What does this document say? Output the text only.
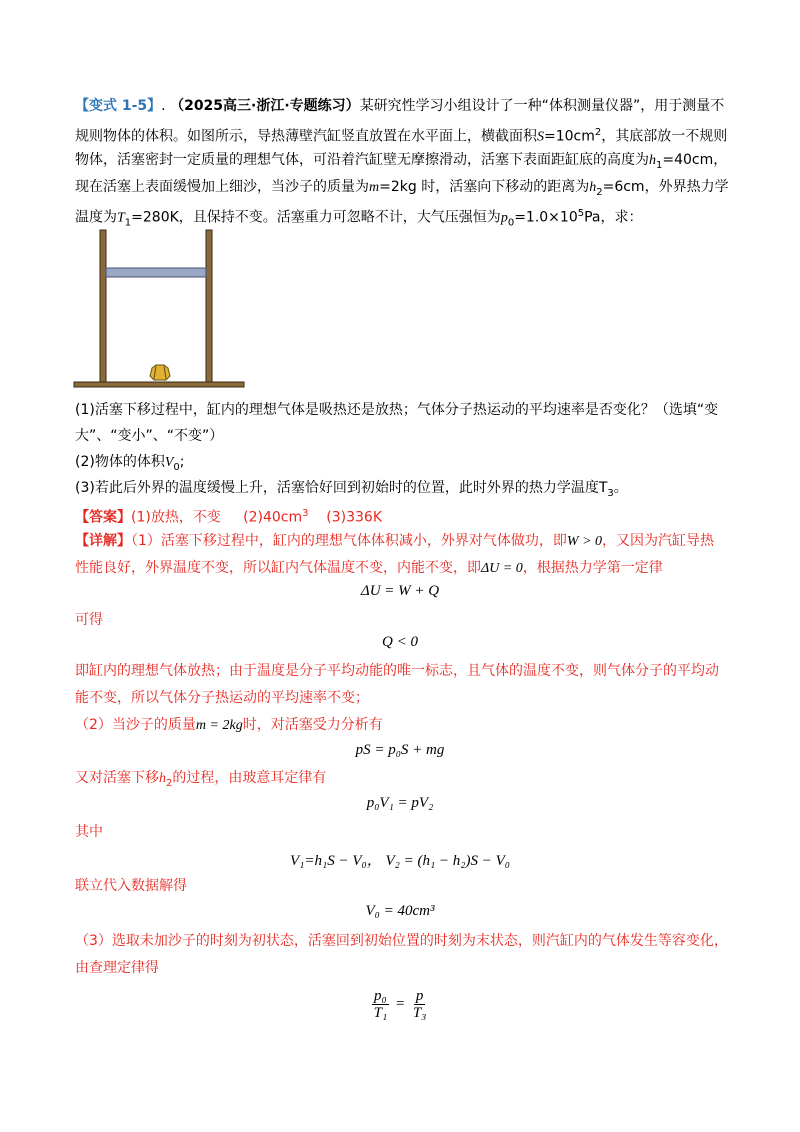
【变式 1-5】. （2025高三·浙江·专题练习）某研究性学习小组设计了一种“体积测量仪器”，用于测量不
规则物体的体积。如图所示，导热薄壁汽缸竖直放置在水平面上，横截面积$S=10cm^2$，其底部放一不规则
物体，活塞密封一定质量的理想气体，可沿着汽缸壁无摩擦滑动，活塞下表面距缸底的高度为$h_1=40cm$，
现在活塞上表面缓慢加上细沙，当沙子的质量为m=2kg 时，活塞向下移动的距离为$h_2=6cm$，外界热力学
温度为$T_1=280K$，且保持不变。活塞重力可忽略不计，大气压强恒为$p_0=1.0\times 10^5Pa$，求：
(1)活塞下移过程中，缸内的理想气体是吸热还是放热；气体分子热运动的平均速率是否变化？（选填“变
大”、“变小”、“不变”）
(2)物体的体积$V_0$;
(3)若此后外界的温度缓慢上升，活塞恰好回到初始时的位置，此时外界的热力学温度$T_3$。
【答案】(1)放热，不变 $(2)40cm^3$ (3)336K
【详解】（1）活塞下移过程中，缸内的理想气体体积减小，外界对气体做功，即W > 0，又因为汽缸导热
性能良好，外界温度不变，所以缸内气体温度不变，内能不变，即ΔU = 0，根据热力学第一定律
ΔU = W + Q
可得
Q < 0
即缸内的理想气体放热；由于温度是分子平均动能的唯一标志，且气体的温度不变，则气体分子的平均动
能不变，所以气体分子热运动的平均速率不变；
（2）当沙子的质量m = 2kg时，对活塞受力分析有
pS = p₀S + mg
又对活塞下移$h_2$的过程，由玻意耳定律有
p₀V₁ = pV₂
其中
V₁=h₁S − V₀， V₂ = (h₁ − h₂)S − V₀
联立代入数据解得
V₀ = 40cm³
（3）选取未加沙子的时刻为初状态，活塞回到初始位置的时刻为末状态，则汽缸内的气体发生等容变化，
由查理定律得
$\frac{\text{p₀}}{\text{T₁}} = \frac{p}{\text{T₃}}$
